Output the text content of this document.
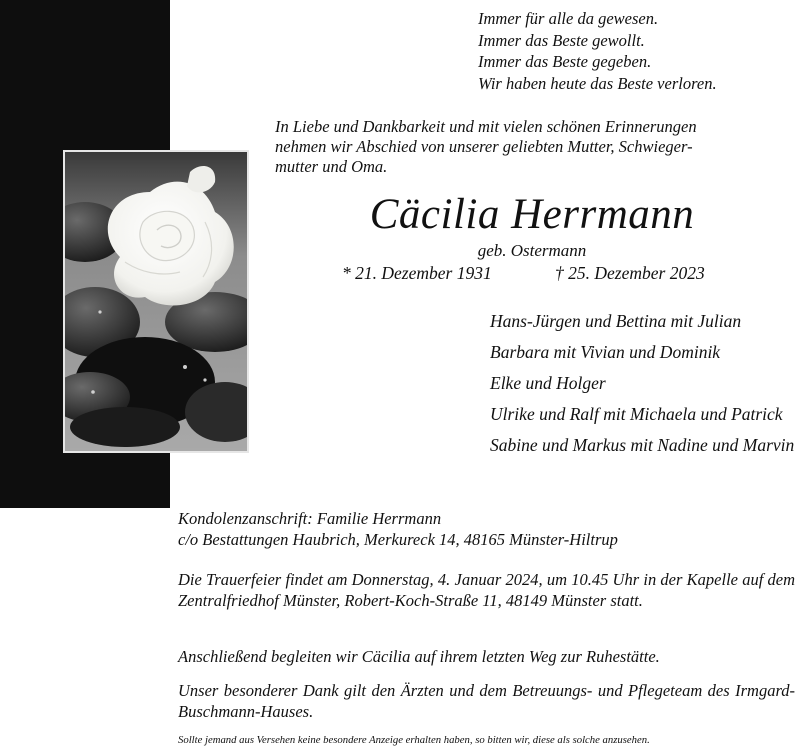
Immer für alle da gewesen.
Immer das Beste gewollt.
Immer das Beste gegeben.
Wir haben heute das Beste verloren.
In Liebe und Dankbarkeit und mit vielen schönen Erinnerungen
nehmen wir Abschied von unserer geliebten Mutter, Schwieger-
mutter und Oma.
Cäcilia Herrmann
geb. Ostermann
* 21. Dezember 1931	† 25. Dezember 2023
Hans-Jürgen und Bettina mit Julian
Barbara mit Vivian und Dominik
Elke und Holger
Ulrike und Ralf mit Michaela und Patrick
Sabine und Markus mit Nadine und Marvin
Kondolenzanschrift: Familie Herrmann
c/o Bestattungen Haubrich, Merkureck 14, 48165 Münster-Hiltrup
Die Trauerfeier findet am Donnerstag, 4. Januar 2024, um 10.45 Uhr in der Kapelle auf dem Zentralfriedhof Münster, Robert-Koch-Straße 11, 48149 Münster statt.
Anschließend begleiten wir Cäcilia auf ihrem letzten Weg zur Ruhestätte.
Unser besonderer Dank gilt den Ärzten und dem Betreuungs- und Pflegeteam des Irmgard-Buschmann-Hauses.
Sollte jemand aus Versehen keine besondere Anzeige erhalten haben, so bitten wir, diese als solche anzusehen.
